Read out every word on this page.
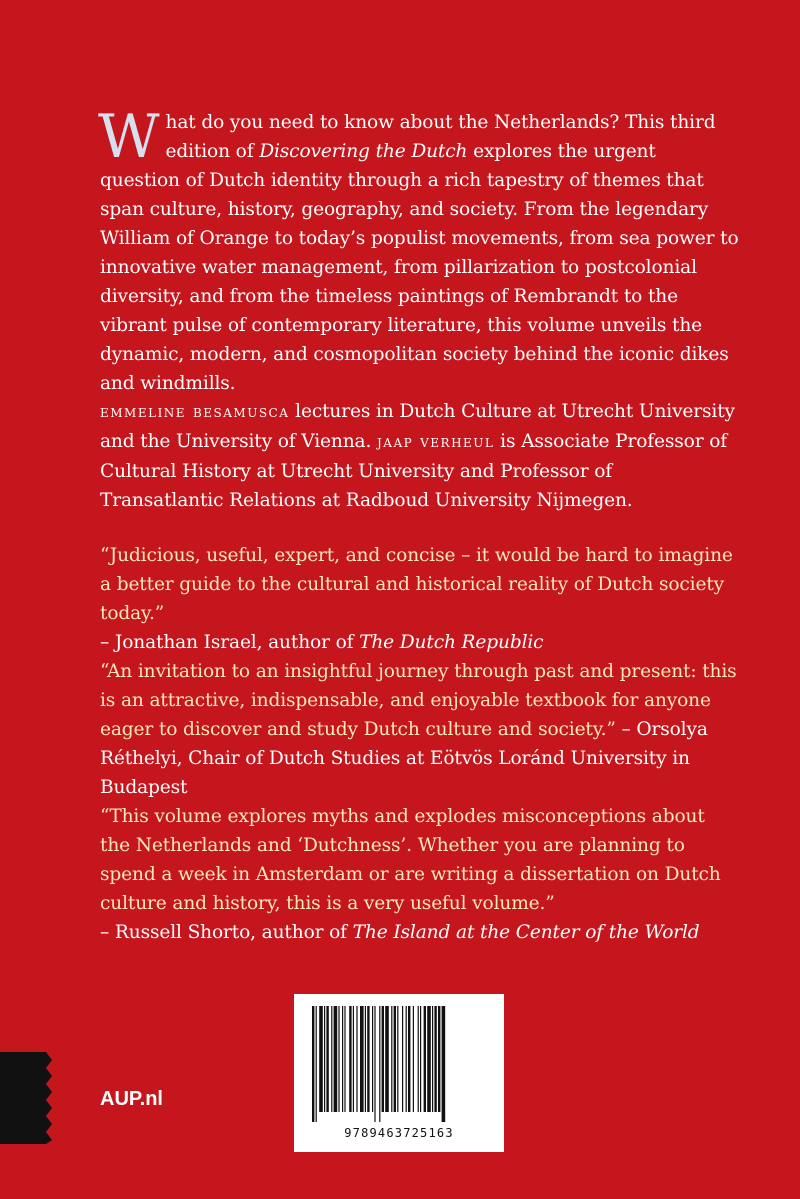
What do you need to know about the Netherlands? This third edition of Discovering the Dutch explores the urgent question of Dutch identity through a rich tapestry of themes that span culture, history, geography, and society. From the legendary William of Orange to today’s populist movements, from sea power to innovative water management, from pillarization to postcolonial diversity, and from the timeless paintings of Rembrandt to the vibrant pulse of contemporary literature, this volume unveils the dynamic, modern, and cosmopolitan society behind the iconic dikes and windmills.

emmeline besamusca lectures in Dutch Culture at Utrecht University and the University of Vienna. jaap verheul is Associate Professor of Cultural History at Utrecht University and Professor of Transatlantic Relations at Radboud University Nijmegen.

“Judicious, useful, expert, and concise – it would be hard to imagine a better guide to the cultural and historical reality of Dutch society today.”
– Jonathan Israel, author of The Dutch Republic

“An invitation to an insightful journey through past and present: this is an attractive, indispensable, and enjoyable textbook for anyone eager to discover and study Dutch culture and society.” – Orsolya Réthelyi, Chair of Dutch Studies at Eötvös Loránd University in Budapest

“This volume explores myths and explodes misconceptions about the Netherlands and ‘Dutchness’. Whether you are planning to spend a week in Amsterdam or are writing a dissertation on Dutch culture and history, this is a very useful volume.”
– Russell Shorto, author of The Island at the Center of the World

AUP.nl
9789463725163
